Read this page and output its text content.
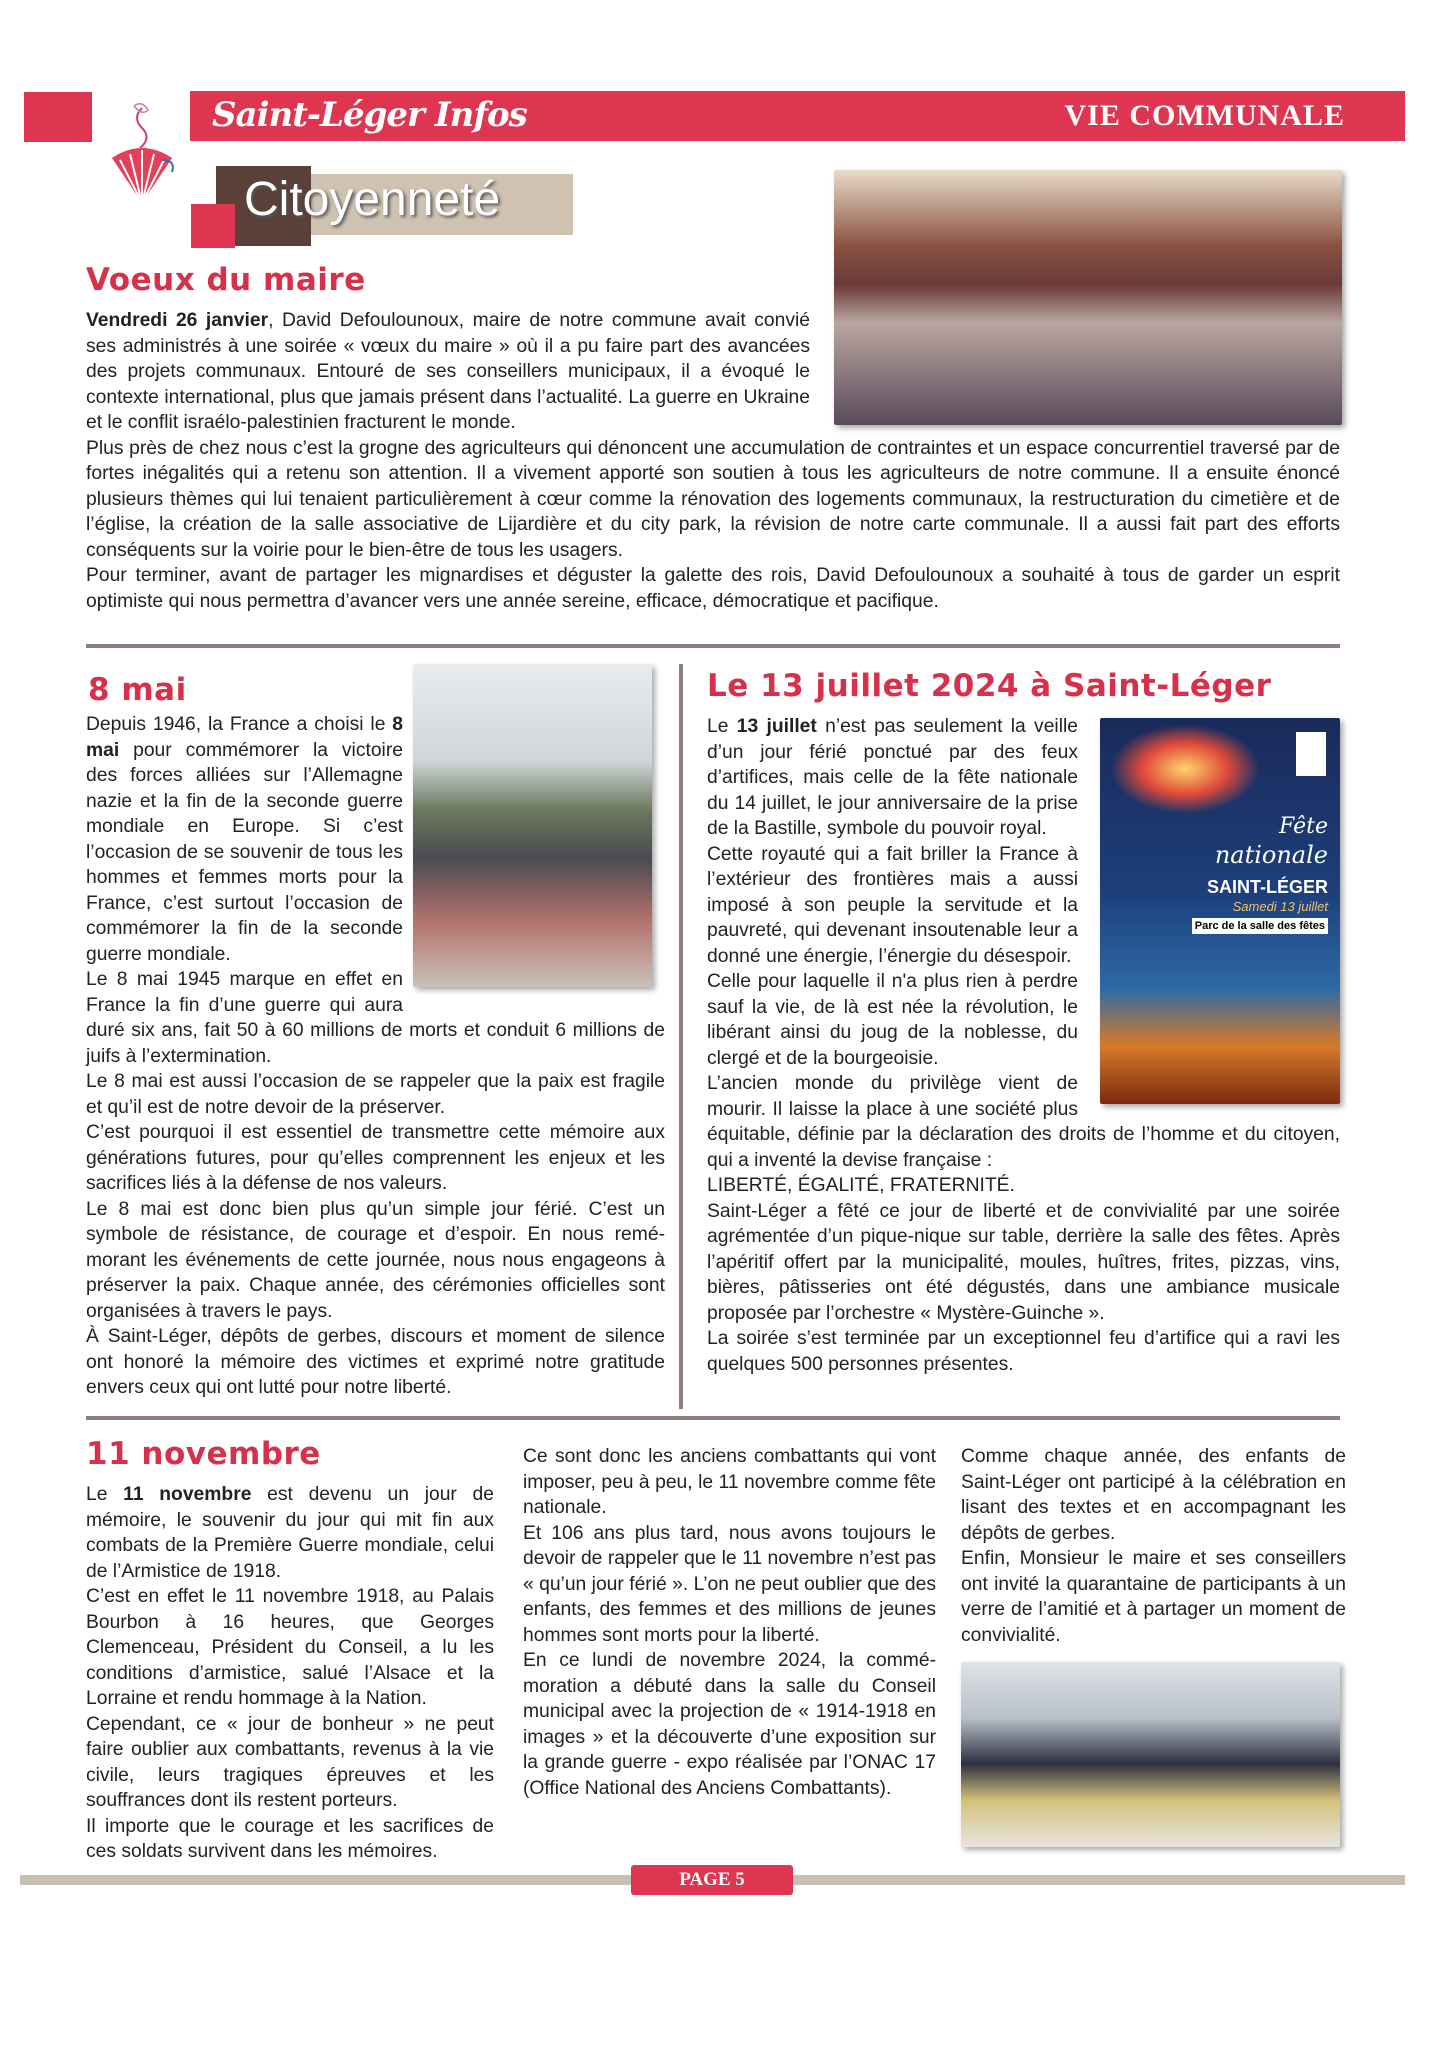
Saint-Léger Infos	VIE COMMUNALE
Citoyenneté
Voeux du maire

Vendredi 26 janvier, David Defoulounoux, maire de notre commune avait convié ses administrés à une soirée « vœux du maire » où il a pu faire part des avancées des projets communaux. Entouré de ses conseillers municipaux, il a évoqué le contexte international, plus que jamais présent dans l’actualité. La guerre en Ukraine et le conflit israélo-palestinien fracturent le monde.

Plus près de chez nous c’est la grogne des agriculteurs qui dénoncent une accumulation de contraintes et un espace concurrentiel traversé par de fortes inégalités qui a retenu son attention. Il a vivement apporté son soutien à tous les agriculteurs de notre commune. Il a ensuite énoncé plusieurs thèmes qui lui tenaient particulièrement à cœur comme la rénovation des logements communaux, la restructuration du cimetière et de l’église, la création de la salle associative de Lijardière et du city park, la révision de notre carte communale. Il a aussi fait part des efforts conséquents sur la voirie pour le bien-être de tous les usagers.

Pour terminer, avant de partager les mignardises et déguster la galette des rois, David Defoulounoux a souhaité à tous de garder un esprit optimiste qui nous permettra d’avancer vers une année sereine, efficace, démocratique et pacifique.

8 mai

Depuis 1946, la France a choisi le 8 mai pour commémorer la victoire des forces alliées sur l’Allemagne nazie et la fin de la seconde guerre mondiale en Europe. Si c’est l’occasion de se souvenir de tous les hommes et femmes morts pour la France, c’est surtout l’occasion de commémorer la fin de la seconde guerre mondiale.

Le 8 mai 1945 marque en effet en France la fin d’une guerre qui aura duré six ans, fait 50 à 60 millions de morts et conduit 6 millions de juifs à l’extermination.

Le 8 mai est aussi l’occasion de se rappeler que la paix est fragile et qu’il est de notre devoir de la préserver.

C’est pourquoi il est essentiel de transmettre cette mémoire aux générations futures, pour qu’elles comprennent les enjeux et les sacrifices liés à la défense de nos valeurs.

Le 8 mai est donc bien plus qu’un simple jour férié. C’est un symbole de résistance, de courage et d’espoir. En nous remémorant les événements de cette journée, nous nous engageons à préserver la paix. Chaque année, des cérémonies officielles sont organisées à travers le pays.

À Saint-Léger, dépôts de gerbes, discours et moment de silence ont honoré la mémoire des victimes et exprimé notre gratitude envers ceux qui ont lutté pour notre liberté.

Le 13 juillet 2024 à Saint-Léger
Fête
nationale
SAINT-LÉGER
Samedi 13 juillet
Parc de la salle des fêtes

Le 13 juillet n’est pas seulement la veille d’un jour férié ponctué par des feux d’artifices, mais celle de la fête nationale du 14 juillet, le jour anniversaire de la prise de la Bastille, symbole du pouvoir royal.

Cette royauté qui a fait briller la France à l’extérieur des frontières mais a aussi imposé à son peuple la servitude et la pauvreté, qui devenant insoutenable leur a donné une énergie, l’énergie du désespoir.

Celle pour laquelle il n'a plus rien à perdre sauf la vie, de là est née la révolution, le libérant ainsi du joug de la noblesse, du clergé et de la bourgeoisie.

L’ancien monde du privilège vient de mourir. Il laisse la place à une société plus équitable, définie par la déclaration des droits de l’homme et du citoyen, qui a inventé la devise française :

LIBERTÉ, ÉGALITÉ, FRATERNITÉ.

Saint-Léger a fêté ce jour de liberté et de convivialité par une soirée agrémentée d’un pique-nique sur table, derrière la salle des fêtes. Après l’apéritif offert par la municipalité, moules, huîtres, frites, pizzas, vins, bières, pâtisseries ont été dégustés, dans une ambiance musicale proposée par l’orchestre « Mystère-Guinche ».

La soirée s’est terminée par un exceptionnel feu d’artifice qui a ravi les quelques 500 personnes présentes.

11 novembre

Le 11 novembre est devenu un jour de mémoire, le souvenir du jour qui mit fin aux combats de la Première Guerre mondiale, celui de l’Armistice de 1918.

C’est en effet le 11 novembre 1918, au Palais Bourbon à 16 heures, que Georges Clemenceau, Président du Conseil, a lu les conditions d’armistice, salué l’Alsace et la Lorraine et rendu hommage à la Nation.

Cependant, ce « jour de bonheur » ne peut faire oublier aux combattants, revenus à la vie civile, leurs tragiques épreuves et les souffrances dont ils restent porteurs.

Il importe que le courage et les sacrifices de ces soldats survivent dans les mémoires.

Ce sont donc les anciens combattants qui vont imposer, peu à peu, le 11 novembre comme fête nationale.

Et 106 ans plus tard, nous avons toujours le devoir de rappeler que le 11 novembre n’est pas « qu’un jour férié ». L’on ne peut oublier que des enfants, des femmes et des millions de jeunes hommes sont morts pour la liberté.

En ce lundi de novembre 2024, la commémoration a débuté dans la salle du Conseil municipal avec la projection de « 1914-1918 en images » et la découverte d’une exposition sur la grande guerre - expo réalisée par l’ONAC 17 (Office National des Anciens Combattants).

Comme chaque année, des enfants de Saint-Léger ont participé à la célébration en lisant des textes et en accompagnant les dépôts de gerbes.

Enfin, Monsieur le maire et ses conseillers ont invité la quarantaine de participants à un verre de l’amitié et à partager un moment de convivialité.

PAGE 5
